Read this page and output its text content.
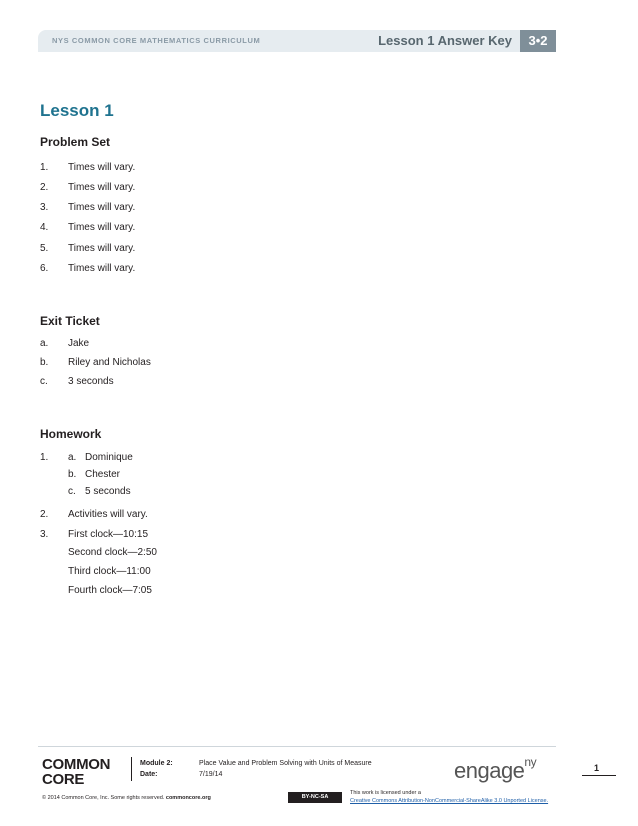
NYS COMMON CORE MATHEMATICS CURRICULUM	Lesson 1 Answer Key	3•2
Lesson 1
Problem Set
1. Times will vary.
2. Times will vary.
3. Times will vary.
4. Times will vary.
5. Times will vary.
6. Times will vary.
Exit Ticket
a. Jake
b. Riley and Nicholas
c. 3 seconds
Homework
1. a. Dominique
b. Chester
c. 5 seconds
2. Activities will vary.
3. First clock—10:15
Second clock—2:50
Third clock—11:00
Fourth clock—7:05
COMMON
CORE
Module 2:	Place Value and Problem Solving with Units of Measure
Date:	7/19/14	engage$^{ny}$	1
© 2014 Common Core, Inc. Some rights reserved. commoncore.org	BY-NC-SA
This work is licensed under a
Creative Commons Attribution-NonCommercial-ShareAlike 3.0 Unported License.
